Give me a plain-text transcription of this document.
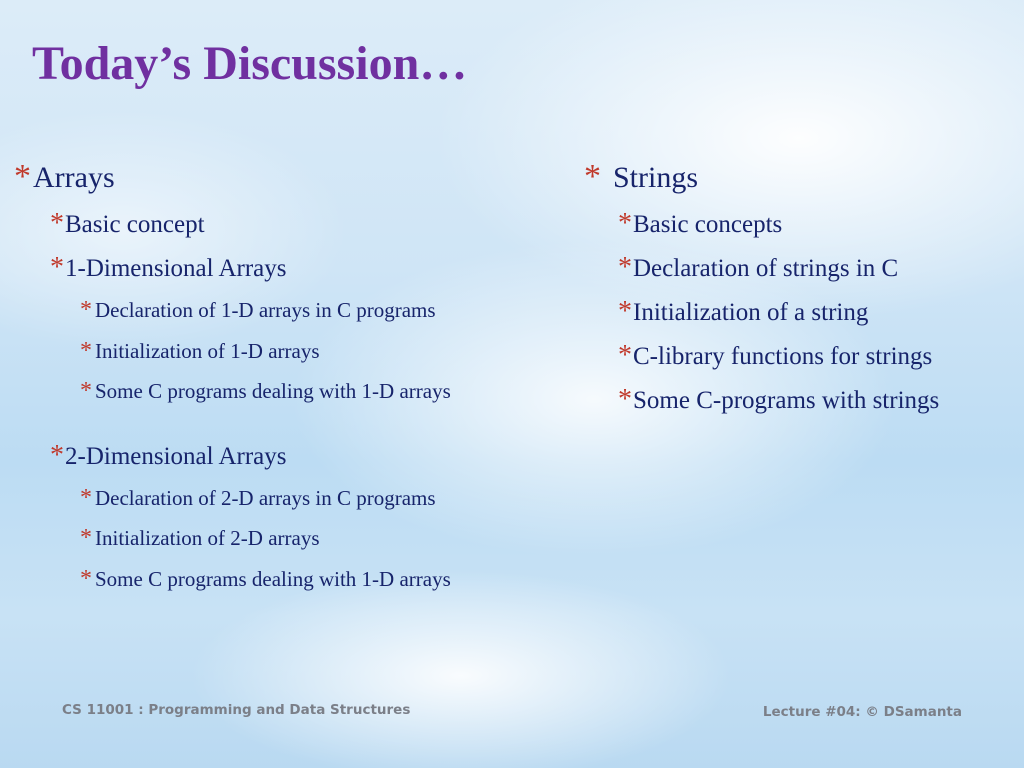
Today’s Discussion…
* Arrays
* Basic concept
* 1-Dimensional Arrays
* Declaration of 1-D arrays in C programs
* Initialization of 1-D arrays
* Some C programs dealing with 1-D arrays
* 2-Dimensional Arrays
* Declaration of 2-D arrays in C programs
* Initialization of 2-D arrays
* Some C programs dealing with 1-D arrays
* Strings
* Basic concepts
* Declaration of strings in C
* Initialization of a string
* C-library functions for strings
* Some C-programs with strings
CS 11001 : Programming and Data Structures	Lecture #04: © DSamanta
